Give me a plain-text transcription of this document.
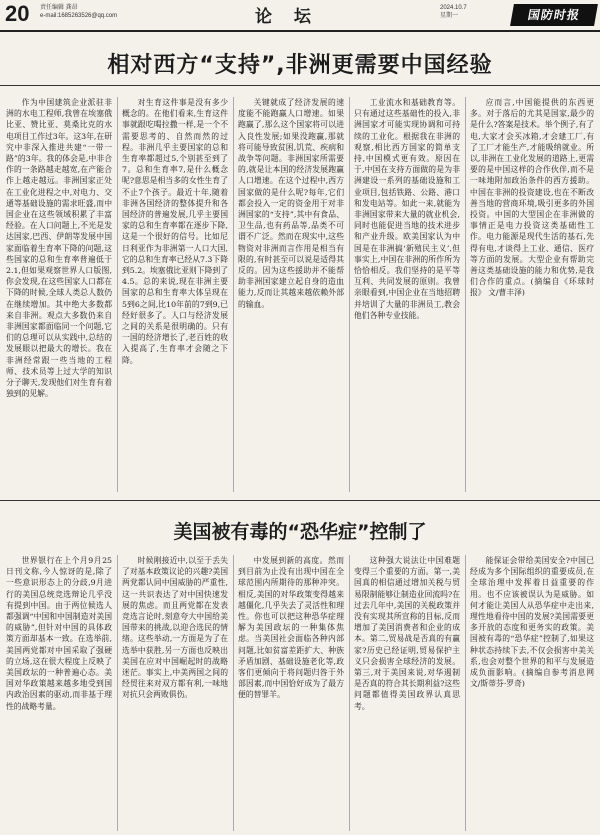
20 责任编辑 龚昂
e-mail:1685263526@qq.com	论 坛	2024.10.7
星期一	国防时报
相对西方“支持”,非洲更需要中国经验

作为中国建筑企业派驻非洲的水电工程师,我曾在埃塞俄比亚、赞比亚、莫桑比克的水电项目工作过3年。这3年,在研究中非深入推进共建“一带一路”的3年。我的体会是,中非合作的一条路越走越宽,在产能合作上越走越远。非洲国家正处在工业化进程之中,对电力、交通等基础设施的需求旺盛,而中国企业在这些领域积累了丰富经验。在人口问题上,不光是发达国家,巴西、伊朗等发展中国家面临着生育率下降的问题,这些国家的总和生育率普遍低于2.1,但如果观察世界人口版图,你会发现,在这些国家人口都在下降的时候,全球人类总人数仍在继续增加。其中绝大多数都来自非洲。观点大多数仍来自非洲国家都面临同一个问题,它们的总理可以从实践中,总结的发展眼以把最大的增长。我在非洲经常跟一些当地的工程师、技术员等上过大学的知识分子聊天,发现他们对生育有着独到的见解。

对生育这件事是没有多少概念的。在他们看来,生育这件事就跟吃喝拉撒一样,是一个不需要思考的、自然而然的过程。非洲几乎主要国家的总和生育率都超过5,个别甚至到了7。总和生育率7,是什么概念呢?意思是相当多的女性生育了不止7个孩子。最近十年,随着非洲各国经济的整体提升和各国经济的普遍发展,几乎主要国家的总和生育率都在逐步下降,这是一个很好的信号。比如尼日利亚作为非洲第一人口大国,它的总和生育率已经从7.3下降到5.2。埃塞俄比亚则下降到了4.5。总的来说,现在非洲主要国家的总和生育率大体呈现在5到6之间,比10年前的7到9,已经好很多了。人口与经济发展之间的关系是很明确的。只有一国的经济增长了,老百姓的收入提高了,生育率才会随之下降。

关键就成了经济发展的速度能不能跑赢人口增速。如果跑赢了,那么这个国家将可以进入良性发展;如果没跑赢,那就将可能导致贫困,饥荒、疾病和战争等问题。非洲国家所需要的,就是让本国的经济发展跑赢人口增速。在这个过程中,西方国家做的是什么呢?每年,它们都会投入一定的资金用于对非洲国家的“支持”,其中有食品、卫生品,也有药品等,品类不可谓不广泛。然而在现实中,这些物资对非洲而言作用是相当有限的,有时甚至可以说是适得其反的。因为这些援助并不能帮助非洲国家建立起自身的造血能力,反而让其越来越依赖外部的输血。

工业流水和基础教育等。只有通过这些基础性的投入,非洲国家才可能实现协调和可持续的工业化。根据我在非洲的观察,相比西方国家的简单支持,中国模式更有效。原因在于,中国在支持方面做的是为非洲建设一系列的基础设施和工业项目,包括铁路、公路、港口和发电站等。如此一来,就能为非洲国家带来大量的就业机会,同时也能促进当地的技术进步和产业升级。欧美国家认为中国是在非洲搞‘新殖民主义’,但事实上,中国在非洲的所作所为恰恰相反。我们坚持的是平等互利、共同发展的原则。我曾亲眼看到,中国企业在当地招聘并培训了大量的非洲员工,教会他们各种专业技能。

应而言,中国能提供的东西更多。对于落后的尤其是国家,最少的是什么?答案是技术。举个例子,有了电,大家才会买冰箱,才会建工厂,有了工厂才能生产,才能吸纳就业。所以,非洲在工业化发展的道路上,更需要的是中国这样的合作伙伴,而不是一味地附加政治条件的西方援助。中国在非洲的投资建设,也在不断改善当地的营商环境,吸引更多的外国投资。中国的大型国企在非洲做的事情正是电力投资这类基础性工作。电力能源是现代生活的基石,先得有电,才谈得上工业、通信、医疗等方面的发展。大型企业有帮助完善这类基础设施的能力和优势,是我们合作的重点。(摘编自《环球时报》 文/曹丰泽)

美国被有毒的“恐华症”控制了

世界银行在上个月9月25日刊文称,今人惊讶的是,除了一些意识形态上的分歧,9月进行的美国总统竞选辩论几乎没有提到中国。由于两位候选人都强调“中国和中国制造对美国的威胁”,但针对中国的具体政策方面却基本一致。在选举前,美国两党都对中国采取了强硬的立场,这在很大程度上反映了美国政坛的一种普遍心态。美国对华政策越来越多地受到国内政治因素的驱动,而非基于理性的战略考量。

时候刚接近中,以至于丢失了对基本政策议论的兴趣?美国两党都认同中国威胁的严重性,这一共识表达了对中国快速发展的焦虑。而且两党都在发表竞选言论时,刻意夸大中国给美国带来的挑战,以迎合选民的情绪。这些举动,一方面是为了在选举中获胜,另一方面也反映出美国在应对中国崛起时的战略迷茫。事实上,中美两国之间的经贸往来对双方都有利,一味地对抗只会两败俱伤。

中发展到新的高度。然而到目前为止没有出现中国在全球范围内所期待的那种冲突。相反,美国的对华政策变得越来越僵化,几乎失去了灵活性和理性。你也可以把这种恐华症理解为美国政坛的一种集体焦虑。当美国社会面临各种内部问题,比如贫富差距扩大、种族矛盾加剧、基础设施老化等,政客们更倾向于将问题归咎于外部因素,而中国恰好成为了最方便的替罪羊。

这种强大说法让中国难题变得三个重要的方面。第一,美国真的相信通过增加关税与贸易限制能够让制造业回流吗?在过去几年中,美国的关税政策并没有实现其所宣称的目标,反而增加了美国消费者和企业的成本。第二,贸易战是否真的有赢家?历史已经证明,贸易保护主义只会损害全球经济的发展。第三,对于美国来说,对华遏制是否真的符合其长期利益?这些问题都值得美国政界认真思考。

能保证会带给美国安全?中国已经成为多个国际组织的重要成员,在全球治理中发挥着日益重要的作用。也不应该被误认为是威胁。如何才能让美国人从恐华症中走出来,理性地看待中国的发展?美国需要更多开放的态度和更务实的政策。美国被有毒的“恐华症”控制了,如果这种状态持续下去,不仅会损害中美关系,也会对整个世界的和平与发展造成负面影响。(摘编自参考消息网 文/斯蒂芬·罗奇)
